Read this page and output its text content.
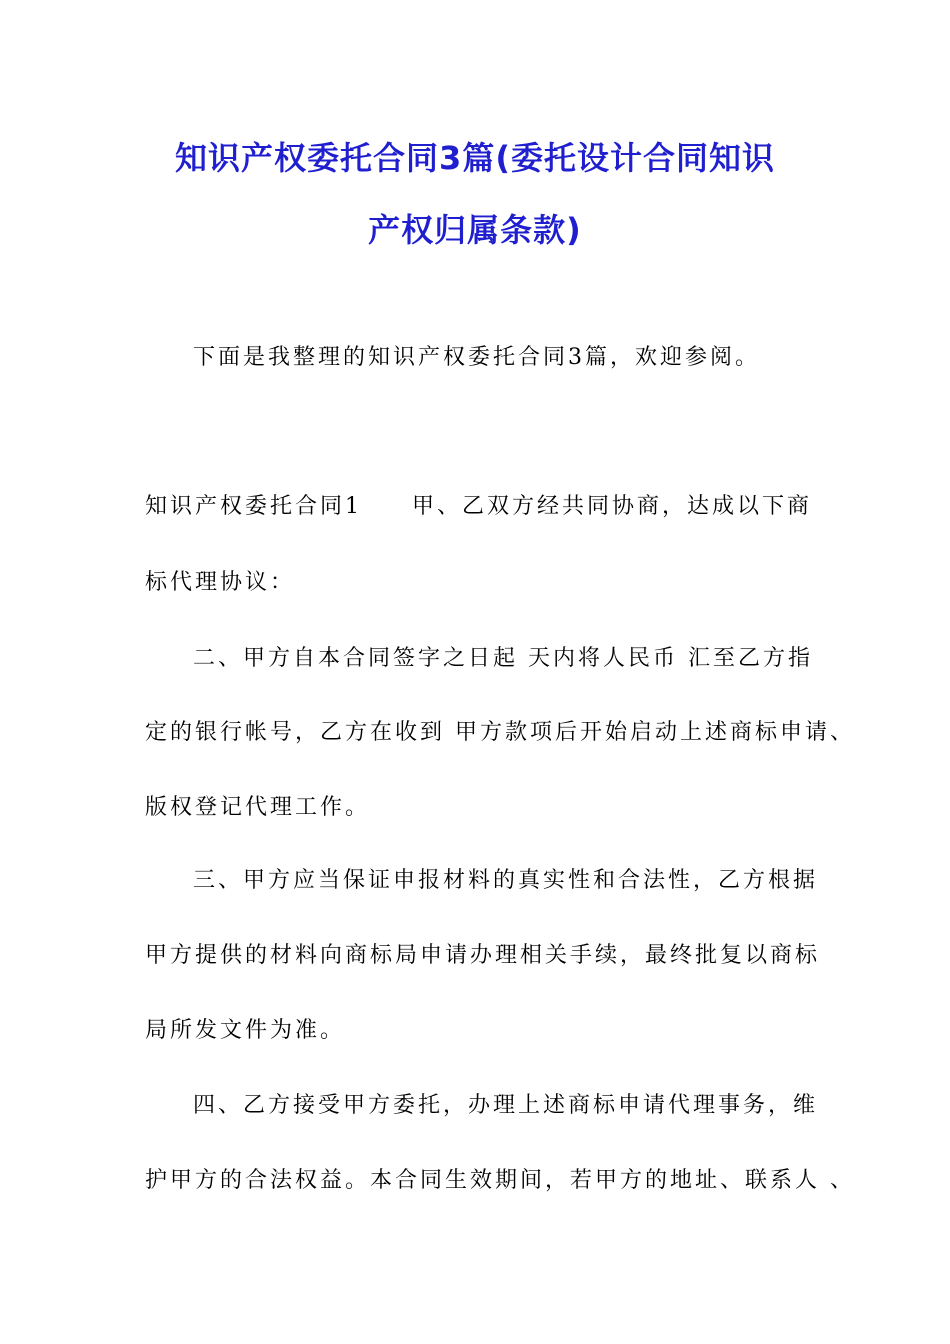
知识产权委托合同3篇(委托设计合同知识
产权归属条款)

下面是我整理的知识产权委托合同3篇，欢迎参阅。

知识产权委托合同1　　甲、乙双方经共同协商，达成以下商

标代理协议：

二、甲方自本合同签字之日起 天内将人民币 汇至乙方指

定的银行帐号，乙方在收到 甲方款项后开始启动上述商标申请、

版权登记代理工作。

三、甲方应当保证申报材料的真实性和合法性，乙方根据

甲方提供的材料向商标局申请办理相关手续，最终批复以商标

局所发文件为准。

四、乙方接受甲方委托，办理上述商标申请代理事务，维

护甲方的合法权益。本合同生效期间，若甲方的地址、联系人 、
